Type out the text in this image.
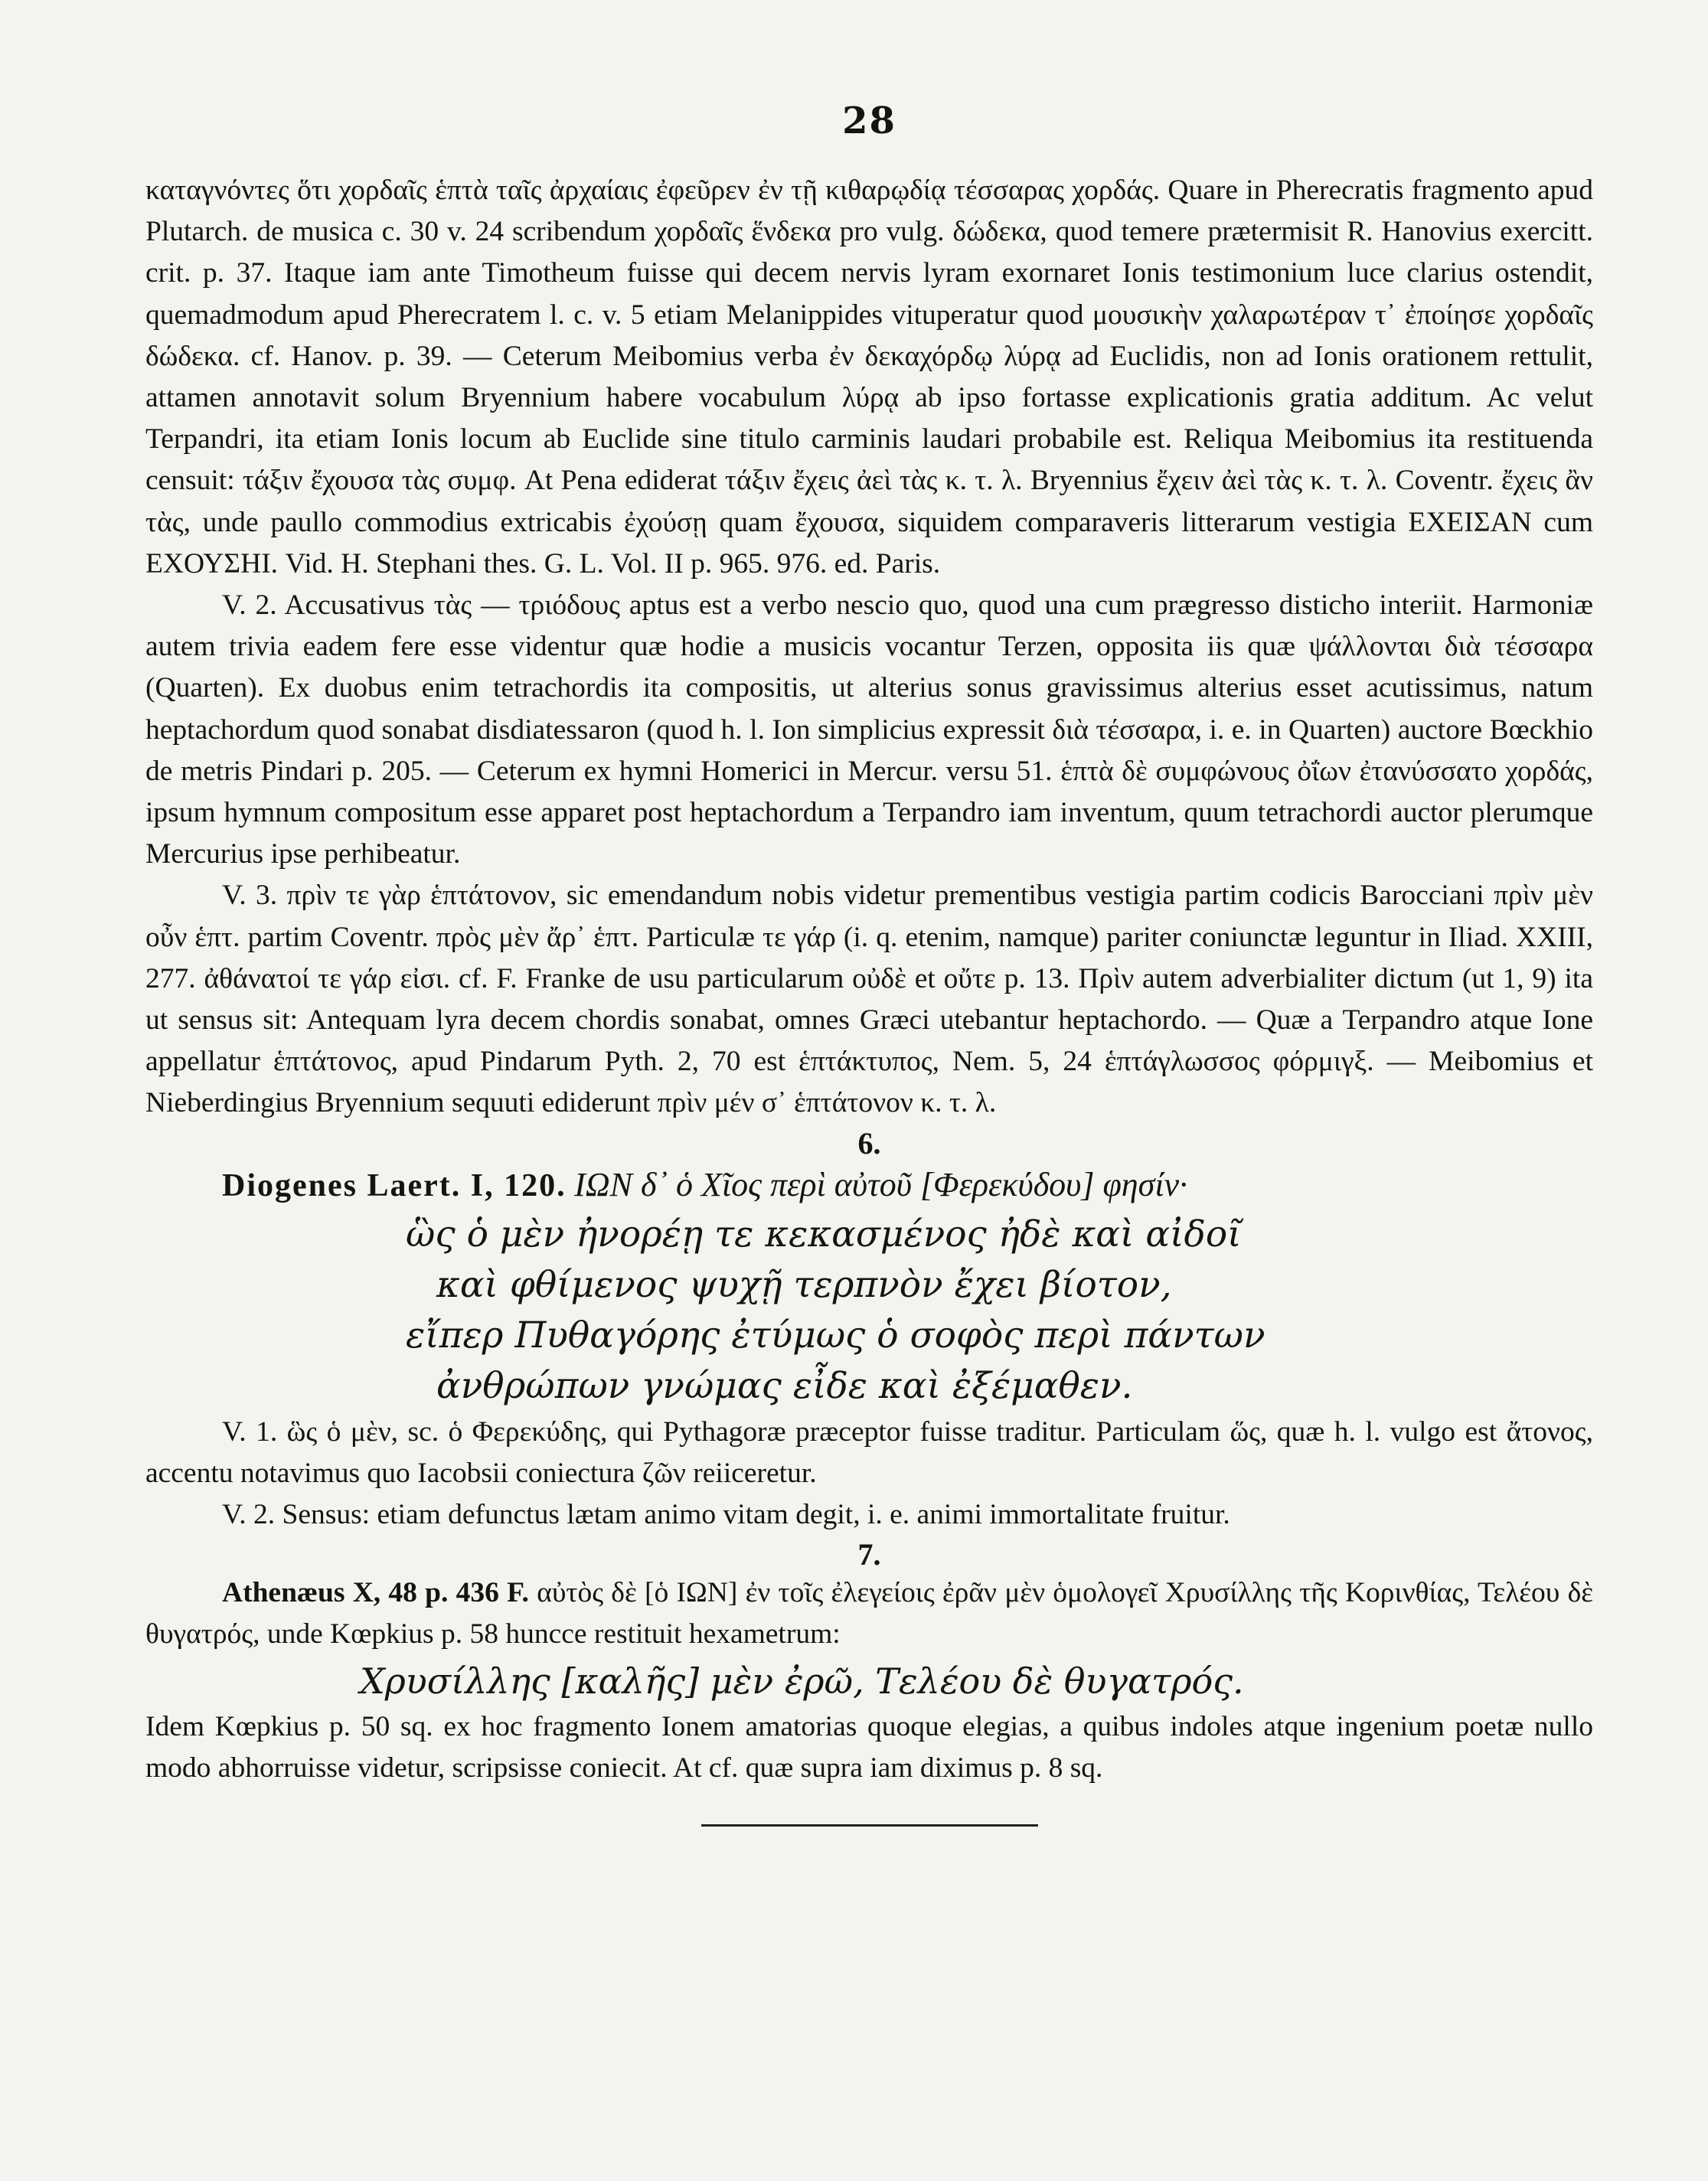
28

καταγνόντες ὅτι χορδαῖς ἑπτὰ ταῖς ἀρχαίαις ἐφεῦρεν ἐν τῇ κιθαρῳδίᾳ τέσσαρας χορδάς. Quare in Pherecratis fragmento apud Plutarch. de musica c. 30 v. 24 scribendum χορδαῖς ἕνδεκα pro vulg. δώδεκα, quod temere prætermisit R. Hanovius exercitt. crit. p. 37. Itaque iam ante Timotheum fuisse qui decem nervis lyram exornaret Ionis testimonium luce clarius ostendit, quemadmodum apud Pherecratem l. c. v. 5 etiam Melanippides vituperatur quod μουσικὴν χαλαρωτέραν τ᾽ ἐποίησε χορδαῖς δώδεκα. cf. Hanov. p. 39. — Ceterum Meibomius verba ἐν δεκαχόρδῳ λύρᾳ ad Euclidis, non ad Ionis orationem rettulit, attamen annotavit solum Bryennium habere vocabulum λύρᾳ ab ipso fortasse explicationis gratia additum. Ac velut Terpandri, ita etiam Ionis locum ab Euclide sine titulo carminis laudari probabile est. Reliqua Meibomius ita restituenda censuit: τάξιν ἔχουσα τὰς συμφ. At Pena ediderat τάξιν ἔχεις ἀεὶ τὰς κ. τ. λ. Bryennius ἔχειν ἀεὶ τὰς κ. τ. λ. Coventr. ἔχεις ἂν τὰς, unde paullo commodius extricabis ἐχούσῃ quam ἔχουσα, siquidem comparaveris litterarum vestigia ΕΧΕΙΣΑΝ cum ΕΧΟΥΣΗΙ. Vid. H. Stephani thes. G. L. Vol. II p. 965. 976. ed. Paris.

V. 2. Accusativus τὰς — τριόδους aptus est a verbo nescio quo, quod una cum prægresso disticho interiit. Harmoniæ autem trivia eadem fere esse videntur quæ hodie a musicis vocantur Terzen, opposita iis quæ ψάλλονται διὰ τέσσαρα (Quarten). Ex duobus enim tetrachordis ita compositis, ut alterius sonus gravissimus alterius esset acutissimus, natum heptachordum quod sonabat disdiatessaron (quod h. l. Ion simplicius expressit διὰ τέσσαρα, i. e. in Quarten) auctore Bœckhio de metris Pindari p. 205. — Ceterum ex hymni Homerici in Mercur. versu 51. ἑπτὰ δὲ συμφώνους ὀΐων ἐτανύσσατο χορδάς, ipsum hymnum compositum esse apparet post heptachordum a Terpandro iam inventum, quum tetrachordi auctor plerumque Mercurius ipse perhibeatur.

V. 3. πρὶν τε γὰρ ἑπτάτονον, sic emendandum nobis videtur prementibus vestigia partim codicis Barocciani πρὶν μὲν οὖν ἑπτ. partim Coventr. πρὸς μὲν ἄρ᾽ ἑπτ. Particulæ τε γάρ (i. q. etenim, namque) pariter coniunctæ leguntur in Iliad. XXIII, 277. ἀθάνατοί τε γάρ εἰσι. cf. F. Franke de usu particularum οὐδὲ et οὔτε p. 13. Πρὶν autem adverbialiter dictum (ut 1, 9) ita ut sensus sit: Antequam lyra decem chordis sonabat, omnes Græci utebantur heptachordo. — Quæ a Terpandro atque Ione appellatur ἑπτάτονος, apud Pindarum Pyth. 2, 70 est ἑπτάκτυπος, Nem. 5, 24 ἑπτάγλωσσος φόρμιγξ. — Meibomius et Nieberdingius Bryennium sequuti ediderunt πρὶν μέν σ᾽ ἑπτάτονον κ. τ. λ.

6.

Diogenes Laert. I, 120. ΙΩΝ δ᾽ ὁ Χῖος περὶ αὐτοῦ [Φερεκύδου] φησίν·

ὣς ὁ μὲν ἠνορέῃ τε κεκασμένος ἠδὲ καὶ αἰδοῖ

καὶ φθίμενος ψυχῇ τερπνὸν ἔχει βίοτον,

εἴπερ Πυθαγόρης ἐτύμως ὁ σοφὸς περὶ πάντων

ἀνθρώπων γνώμας εἶδε καὶ ἐξέμαθεν.

V. 1. ὣς ὁ μὲν, sc. ὁ Φερεκύδης, qui Pythagoræ præceptor fuisse traditur. Particulam ὥς, quæ h. l. vulgo est ἄτονος, accentu notavimus quo Iacobsii coniectura ζῶν reiiceretur.

V. 2. Sensus: etiam defunctus lætam animo vitam degit, i. e. animi immortalitate fruitur.

7.

Athenæus X, 48 p. 436 F. αὐτὸς δὲ [ὁ ΙΩΝ] ἐν τοῖς ἐλεγείοις ἐρᾶν μὲν ὁμολογεῖ Χρυσίλλης τῆς Κορινθίας, Τελέου δὲ θυγατρός, unde Kœpkius p. 58 huncce restituit hexametrum:

Χρυσίλλης [καλῆς] μὲν ἐρῶ, Τελέου δὲ θυγατρός.

Idem Kœpkius p. 50 sq. ex hoc fragmento Ionem amatorias quoque elegias, a quibus indoles atque ingenium poetæ nullo modo abhorruisse videtur, scripsisse coniecit. At cf. quæ supra iam diximus p. 8 sq.
